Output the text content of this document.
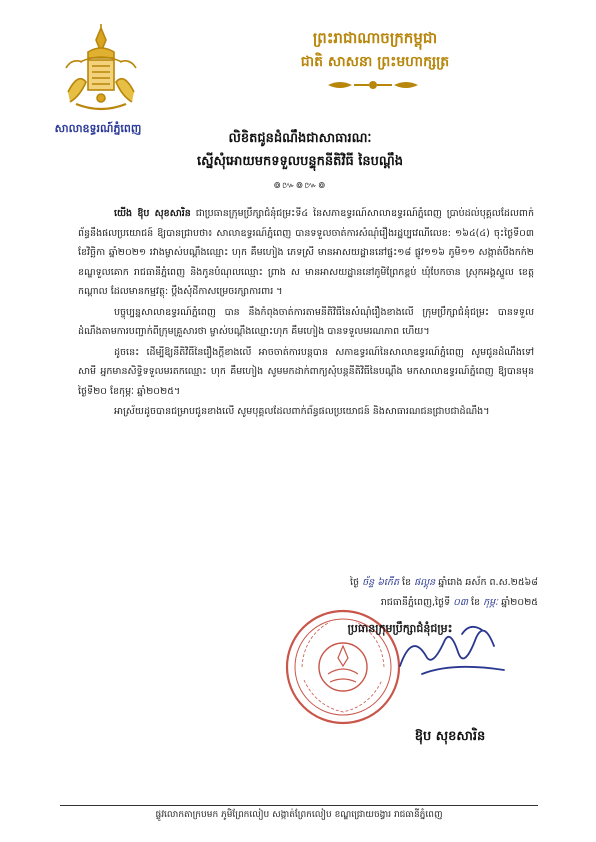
សាលាឧទ្ធរណ៍ភ្នំពេញ
ព្រះរាជាណាចក្រកម្ពុជា
ជាតិ សាសនា ព្រះមហាក្សត្រ
លិខិតជូនដំណឹងជាសាធារណៈ
ស្នើសុំអោយមកទទួលបន្ទុកនីតិវិធី នៃបណ្តឹង
៙៚៙៚៙

យើង ឱុប សុខសារិន ជាប្រធានក្រុមប្រឹក្សាជំនុំជម្រះទី៤ នៃសភាឧទ្ធរណ៍សាលាឧទ្ធរណ៍ភ្នំពេញ ប្រាប់ដល់បុគ្គលដែលពាក់ព័ន្ធនឹងផលប្រយោជន៍ ឱ្យបានជ្រាបថា៖ សាលាឧទ្ធរណ៍ភ្នំពេញ បានទទួលចាត់ការសំណុំរឿងរដ្ឋប្បវេណីលេខ: ១៦៤(៤) ចុះថ្ងៃទី០៣ ខែវិច្ឆិកា ឆ្នាំ២០២១ រវាងម្ចាស់បណ្តឹងឈ្មោះ ហុក គឹមហៀង ភេទស្រី មានអាសយដ្ឋាននៅផ្ទះ១៨ ផ្លូវ១១៦ ភូមិ១១ សង្កាត់បឹងកក់២ ខណ្ឌទួលគោក រាជធានីភ្នំពេញ និងកូនបំណុលឈ្មោះ ព្រាង ស មានអាសយដ្ឋាននៅភូមិព្រែកខ្ពប់ ឃុំបែកចាន ស្រុកអង្គស្នួល ខេត្តកណ្តាល ដែលមានកម្មវត្ថុ: ប្តឹងសុំដីកាសម្រេចរក្សាការពារ ។

បច្ចុប្បន្នសាលាឧទ្ធរណ៍ភ្នំពេញ បាន នឹងកំពុងចាត់ការតាមនីតិវិធីនៃសំណុំរឿងខាងលើ ក្រុមប្រឹក្សាជំនុំជម្រះ បានទទួលដំណឹងតាមការបញ្ជាក់ពីក្រុមគ្រួសារថា ម្ចាស់បណ្តឹងឈ្មោះហុក គឹមហៀង បានទទួលមរណភាព ហើយ។

ដូចនេះ ដើម្បីឱ្យនីតិវិធីនៃរឿងក្តីខាងលើ អាចចាត់ការបន្តបាន សភាឧទ្ធរណ៍នៃសាលាឧទ្ធរណ៍ភ្នំពេញ សូមជូនដំណឹងទៅសាមី អ្នកមានសិទ្ធិទទួលមរតកឈ្មោះ ហុក គឹមហៀង សូមមកដាក់ពាក្យសុំបន្តនីតិវិធីនៃបណ្តឹង មកសាលាឧទ្ធរណ៍ភ្នំពេញ ឱ្យបានមុនថ្ងៃទី២០ ខែកុម្ភៈ ឆ្នាំ២០២៥។

អាស្រ័យដូចបានជម្រាបជូនខាងលើ សូមបុគ្គលដែលពាក់ព័ន្ធផលប្រយោជន៍ និងសាធារណជនជ្រាបជាដំណឹង។

ថ្ងៃ ច័ន្ទ ៦កើត ខែ ផល្គុន ឆ្នាំរោង ឆស័ក ព.ស.២៥៦៨
រាជធានីភ្នំពេញ,ថ្ងៃទី ០៣ ខែ កុម្ភៈ ឆ្នាំ២០២៥
ប្រធានក្រុមប្រឹក្សាជំនុំជម្រះ
ឱុប សុខសារិន
ផ្លូវលោកតាក្របមក ភូមិព្រែកលៀប សង្កាត់ព្រែកលៀប ខណ្ឌជ្រោយចង្វារ រាជធានីភ្នំពេញ
